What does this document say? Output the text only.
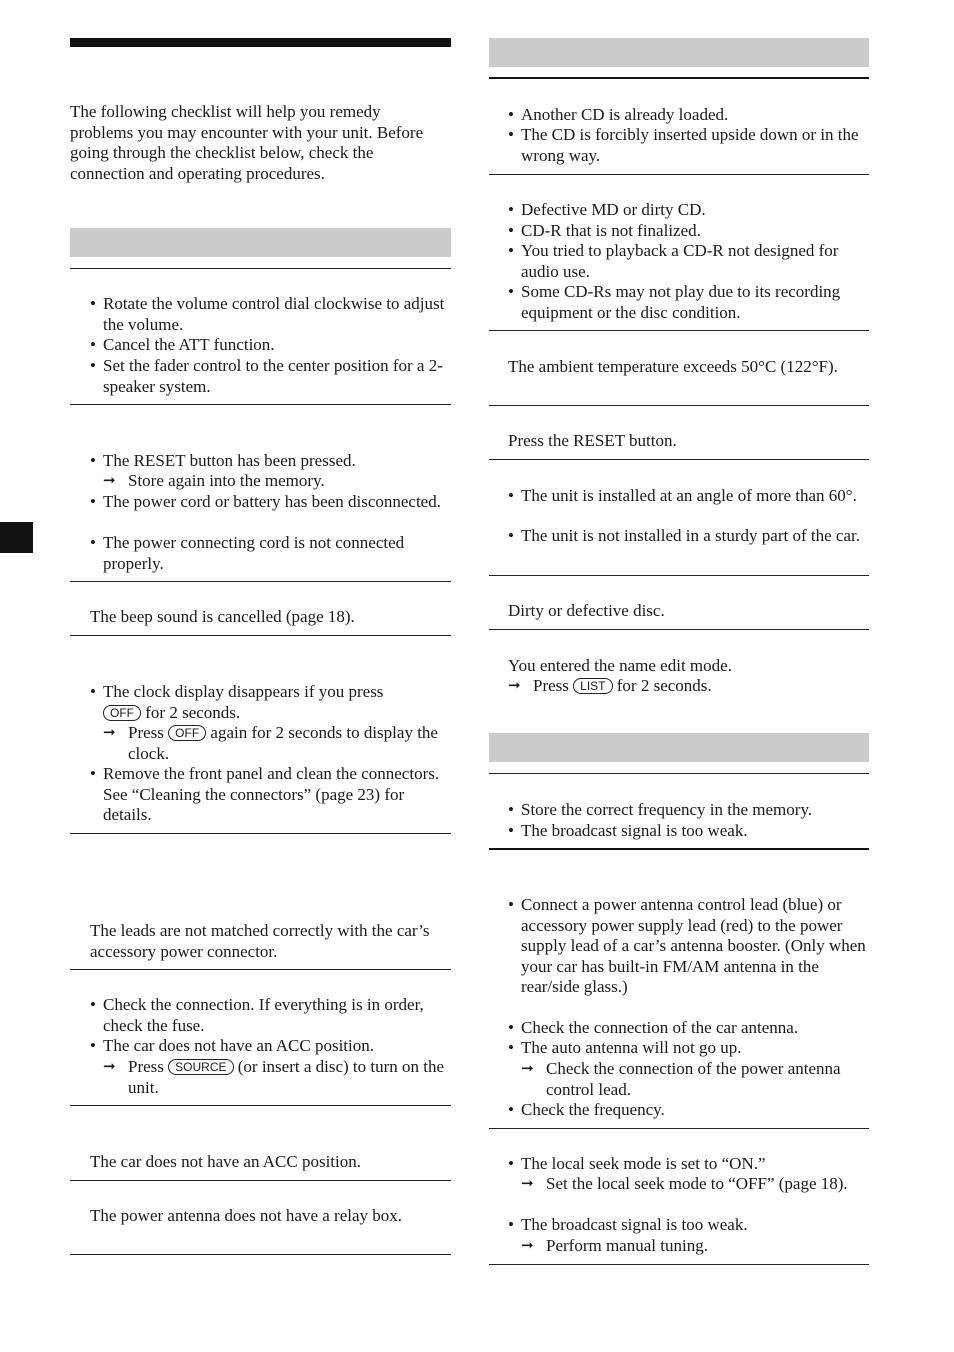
The following checklist will help you remedy problems you may encounter with your unit. Before going through the checklist below, check the connection and operating procedures.
• Rotate the volume control dial clockwise to adjust the volume.
• Cancel the ATT function.
• Set the fader control to the center position for a 2-speaker system.
• The RESET button has been pressed.
➞ Store again into the memory.
• The power cord or battery has been disconnected.
• The power connecting cord is not connected properly.
The beep sound is cancelled (page 18).
• The clock display disappears if you press
OFF for 2 seconds.
➞ Press OFF again for 2 seconds to display the clock.
• Remove the front panel and clean the connectors. See “Cleaning the connectors” (page 23) for details.
The leads are not matched correctly with the car’s accessory power connector.
• Check the connection. If everything is in order, check the fuse.
• The car does not have an ACC position.
➞ Press SOURCE (or insert a disc) to turn on the unit.
The car does not have an ACC position.
The power antenna does not have a relay box.
• Another CD is already loaded.
• The CD is forcibly inserted upside down or in the wrong way.
• Defective MD or dirty CD.
• CD-R that is not finalized.
• You tried to playback a CD-R not designed for audio use.
• Some CD-Rs may not play due to its recording equipment or the disc condition.
The ambient temperature exceeds 50°C (122°F).
Press the RESET button.
• The unit is installed at an angle of more than 60°.
• The unit is not installed in a sturdy part of the car.
Dirty or defective disc.
You entered the name edit mode.
➞ Press LIST for 2 seconds.
• Store the correct frequency in the memory.
• The broadcast signal is too weak.
• Connect a power antenna control lead (blue) or accessory power supply lead (red) to the power supply lead of a car’s antenna booster. (Only when your car has built-in FM/AM antenna in the rear/side glass.)
• Check the connection of the car antenna.
• The auto antenna will not go up.
➞ Check the connection of the power antenna control lead.
• Check the frequency.
• The local seek mode is set to “ON.”
➞ Set the local seek mode to “OFF” (page 18).
• The broadcast signal is too weak.
➞ Perform manual tuning.
